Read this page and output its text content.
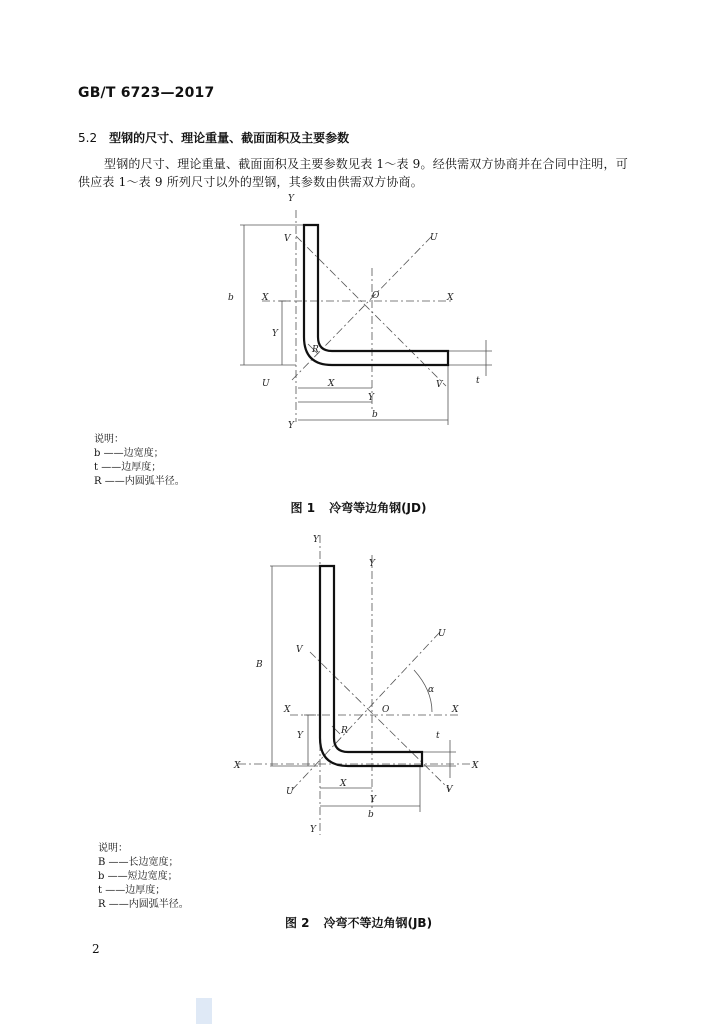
GB/T 6723—2017
5.2 型钢的尺寸、理论重量、截面面积及主要参数
型钢的尺寸、理论重量、截面面积及主要参数见表 1～表 9。经供需双方协商并在合同中注明，可供应表 1～表 9 所列尺寸以外的型钢，其参数由供需双方协商。
Y
V	U
b	X	O	X
Y
R
t
U	X	V
Y
b
Y
说明：
b ——边宽度；
t ——边厚度；
R ——内圆弧半径。
图 1 冷弯等边角钢(JD)
Y
Y
U
V
B
α
X	O	X
Y	R	t
X	X
U
X
V
Y
b
Y
说明：
B ——长边宽度；
b ——短边宽度；
t ——边厚度；
R ——内圆弧半径。
图 2 冷弯不等边角钢(JB)
2
